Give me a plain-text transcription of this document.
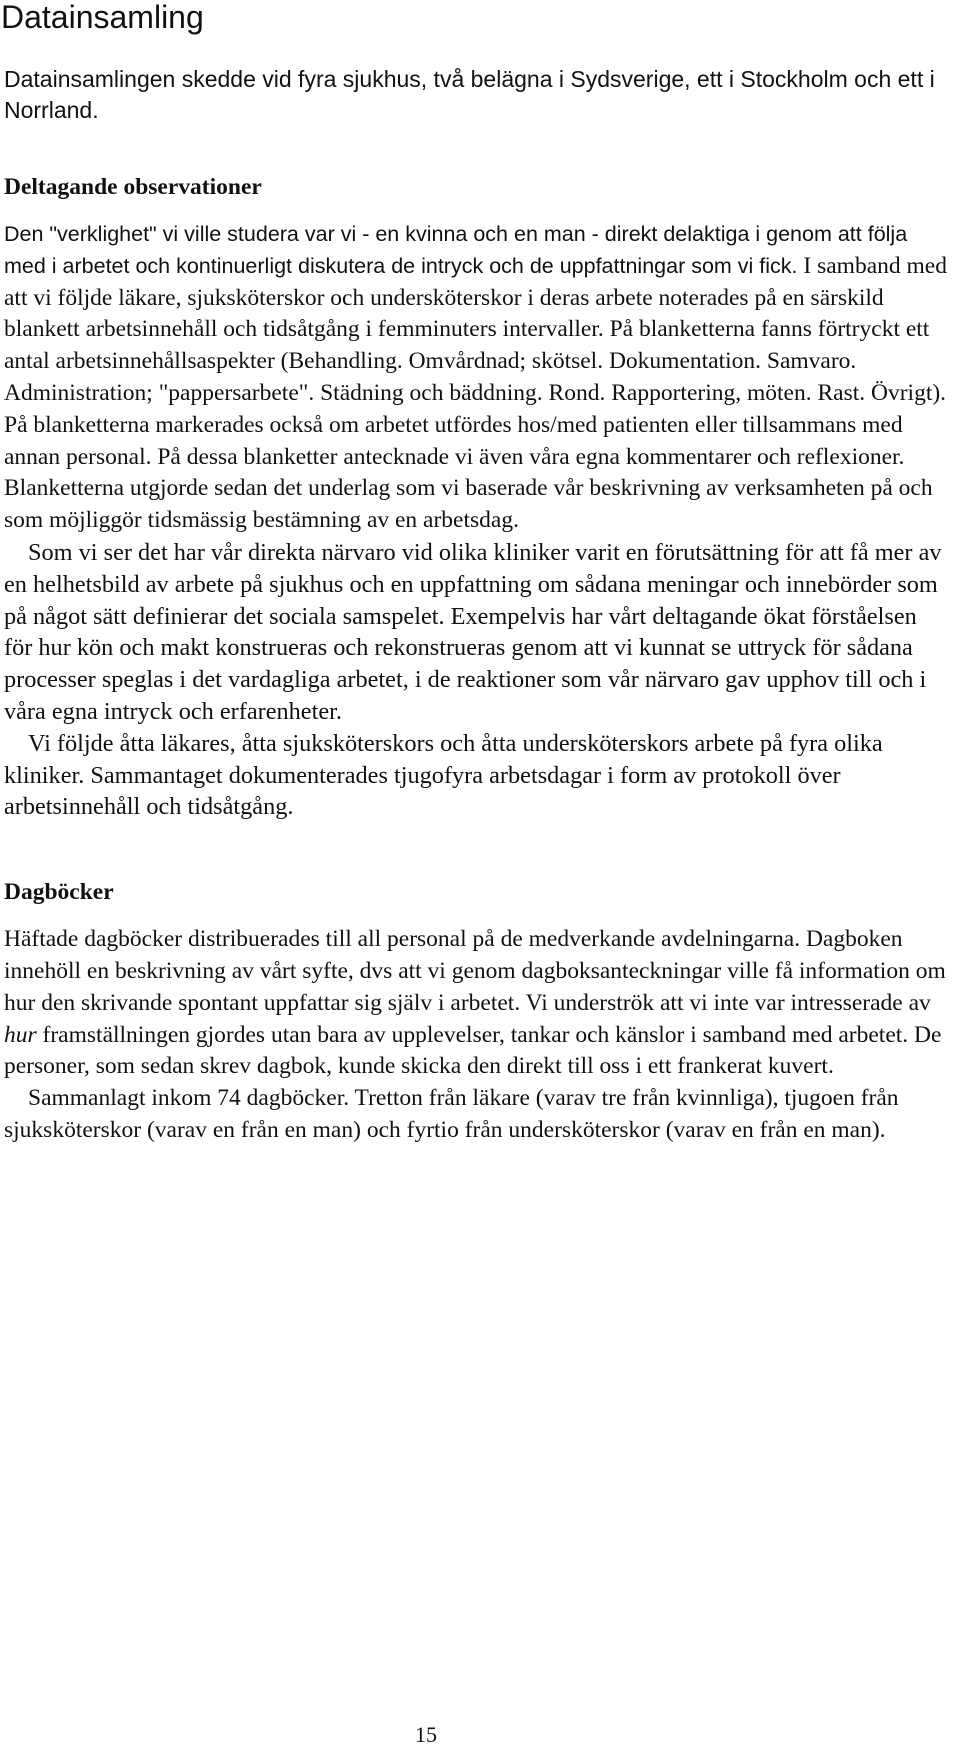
Datainsamling

Datainsamlingen skedde vid fyra sjukhus, två belägna i Sydsverige, ett i Stockholm och ett i Norrland.

Deltagande observationer

Den "verklighet" vi ville studera var vi - en kvinna och en man - direkt delaktiga i genom att följa med i arbetet och kontinuerligt diskutera de intryck och de uppfattningar som vi fick. I samband med att vi följde läkare, sjuksköterskor och undersköterskor i deras arbete noterades på en särskild blankett arbetsinnehåll och tidsåtgång i femminuters intervaller. På blanketterna fanns förtryckt ett antal arbetsinnehållsaspekter (Behandling. Omvårdnad; skötsel. Dokumentation. Samvaro. Administration; "pappersarbete". Städning och bäddning. Rond. Rapportering, möten. Rast. Övrigt). På blanketterna markerades också om arbetet utfördes hos/med patienten eller tillsammans med annan personal. På dessa blanketter antecknade vi även våra egna kommentarer och reflexioner. Blanketterna utgjorde sedan det underlag som vi baserade vår beskrivning av verksamheten på och som möjliggör tidsmässig bestämning av en arbetsdag.

Som vi ser det har vår direkta närvaro vid olika kliniker varit en förutsättning för att få mer av en helhetsbild av arbete på sjukhus och en uppfattning om sådana meningar och innebörder som på något sätt definierar det sociala samspelet. Exempelvis har vårt deltagande ökat förståelsen för hur kön och makt konstrueras och rekonstrueras genom att vi kunnat se uttryck för sådana processer speglas i det vardagliga arbetet, i de reaktioner som vår närvaro gav upphov till och i våra egna intryck och erfarenheter.

Vi följde åtta läkares, åtta sjuksköterskors och åtta undersköterskors arbete på fyra olika kliniker. Sammantaget dokumenterades tjugofyra arbetsdagar i form av protokoll över arbetsinnehåll och tidsåtgång.

Dagböcker

Häftade dagböcker distribuerades till all personal på de medverkande avdelningarna. Dagboken innehöll en beskrivning av vårt syfte, dvs att vi genom dagboksanteckningar ville få information om hur den skrivande spontant uppfattar sig själv i arbetet. Vi underströk att vi inte var intresserade av hur framställningen gjordes utan bara av upplevelser, tankar och känslor i samband med arbetet. De personer, som sedan skrev dagbok, kunde skicka den direkt till oss i ett frankerat kuvert.

Sammanlagt inkom 74 dagböcker. Tretton från läkare (varav tre från kvinnliga), tjugoen från sjuksköterskor (varav en från en man) och fyrtio från undersköterskor (varav en från en man).

15
